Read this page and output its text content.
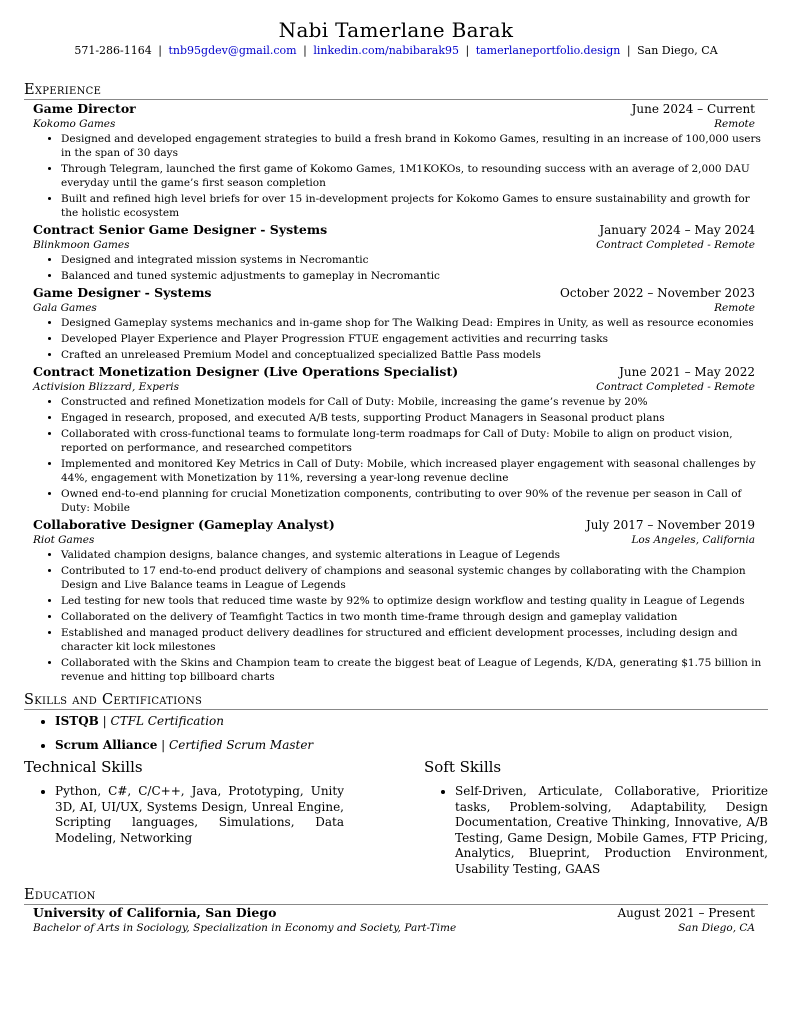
Nabi Tamerlane Barak
571-286-1164 | tnb95gdev@gmail.com | linkedin.com/nabibarak95 | tamerlaneportfolio.design | San Diego, CA
Experience
Game Director	June 2024 – Current
Kokomo Games	Remote
• Designed and developed engagement strategies to build a fresh brand in Kokomo Games, resulting in an increase of 100,000 users in the span of 30 days
• Through Telegram, launched the first game of Kokomo Games, 1M1KOKOs, to resounding success with an average of 2,000 DAU everyday until the game’s first season completion
• Built and refined high level briefs for over 15 in-development projects for Kokomo Games to ensure sustainability and growth for the holistic ecosystem
Contract Senior Game Designer - Systems	January 2024 – May 2024
Blinkmoon Games	Contract Completed - Remote
• Designed and integrated mission systems in Necromantic
• Balanced and tuned systemic adjustments to gameplay in Necromantic
Game Designer - Systems	October 2022 – November 2023
Gala Games	Remote
• Designed Gameplay systems mechanics and in-game shop for The Walking Dead: Empires in Unity, as well as resource economies
• Developed Player Experience and Player Progression FTUE engagement activities and recurring tasks
• Crafted an unreleased Premium Model and conceptualized specialized Battle Pass models
Contract Monetization Designer (Live Operations Specialist)	June 2021 – May 2022
Activision Blizzard, Experis	Contract Completed - Remote
• Constructed and refined Monetization models for Call of Duty: Mobile, increasing the game’s revenue by 20%
• Engaged in research, proposed, and executed A/B tests, supporting Product Managers in Seasonal product plans
• Collaborated with cross-functional teams to formulate long-term roadmaps for Call of Duty: Mobile to align on product vision, reported on performance, and researched competitors
• Implemented and monitored Key Metrics in Call of Duty: Mobile, which increased player engagement with seasonal challenges by 44%, engagement with Monetization by 11%, reversing a year-long revenue decline
• Owned end-to-end planning for crucial Monetization components, contributing to over 90% of the revenue per season in Call of Duty: Mobile
Collaborative Designer (Gameplay Analyst)	July 2017 – November 2019
Riot Games	Los Angeles, California
• Validated champion designs, balance changes, and systemic alterations in League of Legends
• Contributed to 17 end-to-end product delivery of champions and seasonal systemic changes by collaborating with the Champion Design and Live Balance teams in League of Legends
• Led testing for new tools that reduced time waste by 92% to optimize design workflow and testing quality in League of Legends
• Collaborated on the delivery of Teamfight Tactics in two month time-frame through design and gameplay validation
• Established and managed product delivery deadlines for structured and efficient development processes, including design and character kit lock milestones
• Collaborated with the Skins and Champion team to create the biggest beat of League of Legends, K/DA, generating $1.75 billion in revenue and hitting top billboard charts
Skills and Certifications
• ISTQB | CTFL Certification
• Scrum Alliance | Certified Scrum Master
Technical Skills
• Python, C#, C/C++, Java, Prototyping, Unity 3D, AI, UI/UX, Systems Design, Unreal Engine, Scripting languages, Simulations, Data Modeling, Networking
Soft Skills
• Self-Driven, Articulate, Collaborative, Prioritize tasks, Problem-solving, Adaptability, Design Documentation, Creative Thinking, Innovative, A/B Testing, Game Design, Mobile Games, FTP Pricing, Analytics, Blueprint, Production Environment, Usability Testing, GAAS
Education
University of California, San Diego	August 2021 – Present
Bachelor of Arts in Sociology, Specialization in Economy and Society, Part-Time	San Diego, CA
